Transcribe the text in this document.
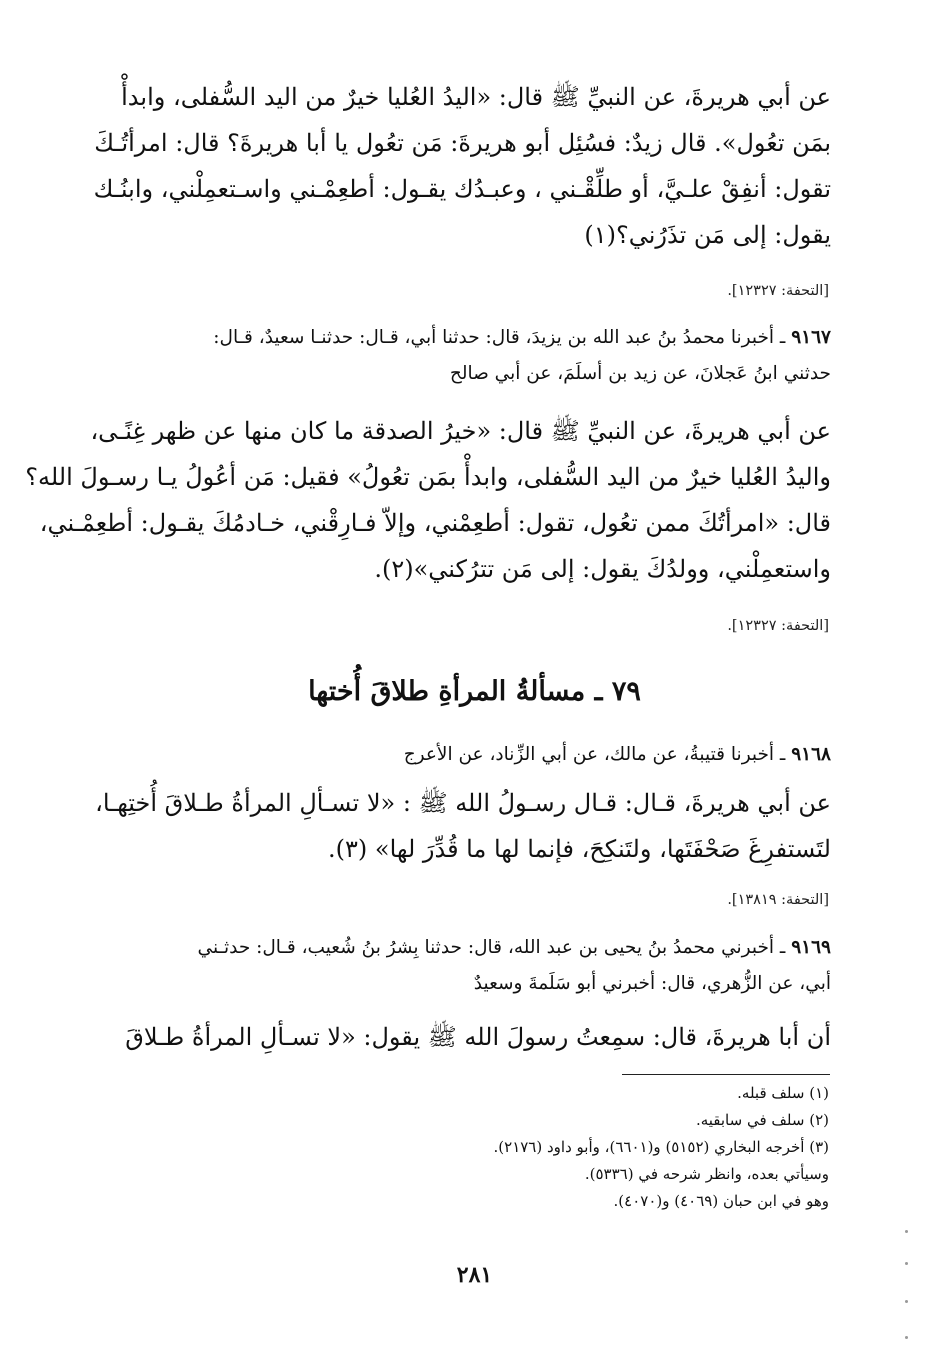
عن أبي هريرةَ، عن النبيِّ ﷺ قال: «اليدُ العُليا خيرٌ من اليد السُّفلى، وابدأْ
بمَن تعُول». قال زيدٌ: فسُئِل أبو هريرةَ: مَن تعُول يا أبا هريرةَ؟ قال: امرأتُـكَ
تقول: أنفِقْ علـيَّ، أو طلِّقْـني ، وعبـدُك يقـول: أطعِمْـني واسـتعمِلْني، وابنُـك
يقول: إلى مَن تذَرُني؟(١)
[التحفة: ١٢٣٢٧].
٩١٦٧ ـ أخبرنا محمدُ بنُ عبد الله بن يزيدَ، قال: حدثنا أبي، قـال: حدثنـا سعيدٌ، قـال:
حدثني ابنُ عَجلانَ، عن زيد بن أسلَمَ، عن أبي صالح
عن أبي هريرةَ، عن النبيِّ ﷺ قال: «خيرُ الصدقة ما كان منها عن ظهر غِنًـى،
واليدُ العُليا خيرٌ من اليد السُّفلى، وابدأْ بمَن تعُولُ» فقيل: مَن أعُولُ يـا رسـولَ الله؟
قال: «امرأتُكَ ممن تعُول، تقول: أطعِمْني، وإلاّ فـارِقْني، خـادمُكَ يقـول: أطعِمْـني،
واستعمِلْني، وولدُكَ يقول: إلى مَن تترُكني»(٢).
[التحفة: ١٢٣٢٧].
٧٩ ـ مسألةُ المرأةِ طلاقَ أُختها
٩١٦٨ ـ أخبرنا قتيبةُ، عن مالك، عن أبي الزِّناد، عن الأعرج
عن أبي هريرةَ، قـال: قـال رسـولُ الله ﷺ : «لا تسـألِ المرأةُ طـلاقَ أُختِهـا،
لتَستفرِغَ صَحْفَتَها، ولتَنكِحَ، فإنما لها ما قُدِّرَ لها» (٣).
[التحفة: ١٣٨١٩].
٩١٦٩ ـ أخبرني محمدُ بنُ يحيى بن عبد الله، قال: حدثنا بِشرُ بنُ شُعيب، قـال: حدثـني
أبي، عن الزُّهري، قال: أخبرني أبو سَلَمةَ وسعيدٌ
أن أبا هريرةَ، قال: سمِعتُ رسولَ الله ﷺ يقول: «لا تسـألِ المرأةُ طـلاقَ
(١) سلف قبله.
(٢) سلف في سابقيه.
(٣) أخرجه البخاري (٥١٥٢) و(٦٦٠١)، وأبو داود (٢١٧٦).
وسيأتي بعده، وانظر شرحه في (٥٣٣٦).
وهو في ابن حبان (٤٠٦٩) و(٤٠٧٠).
٢٨١
